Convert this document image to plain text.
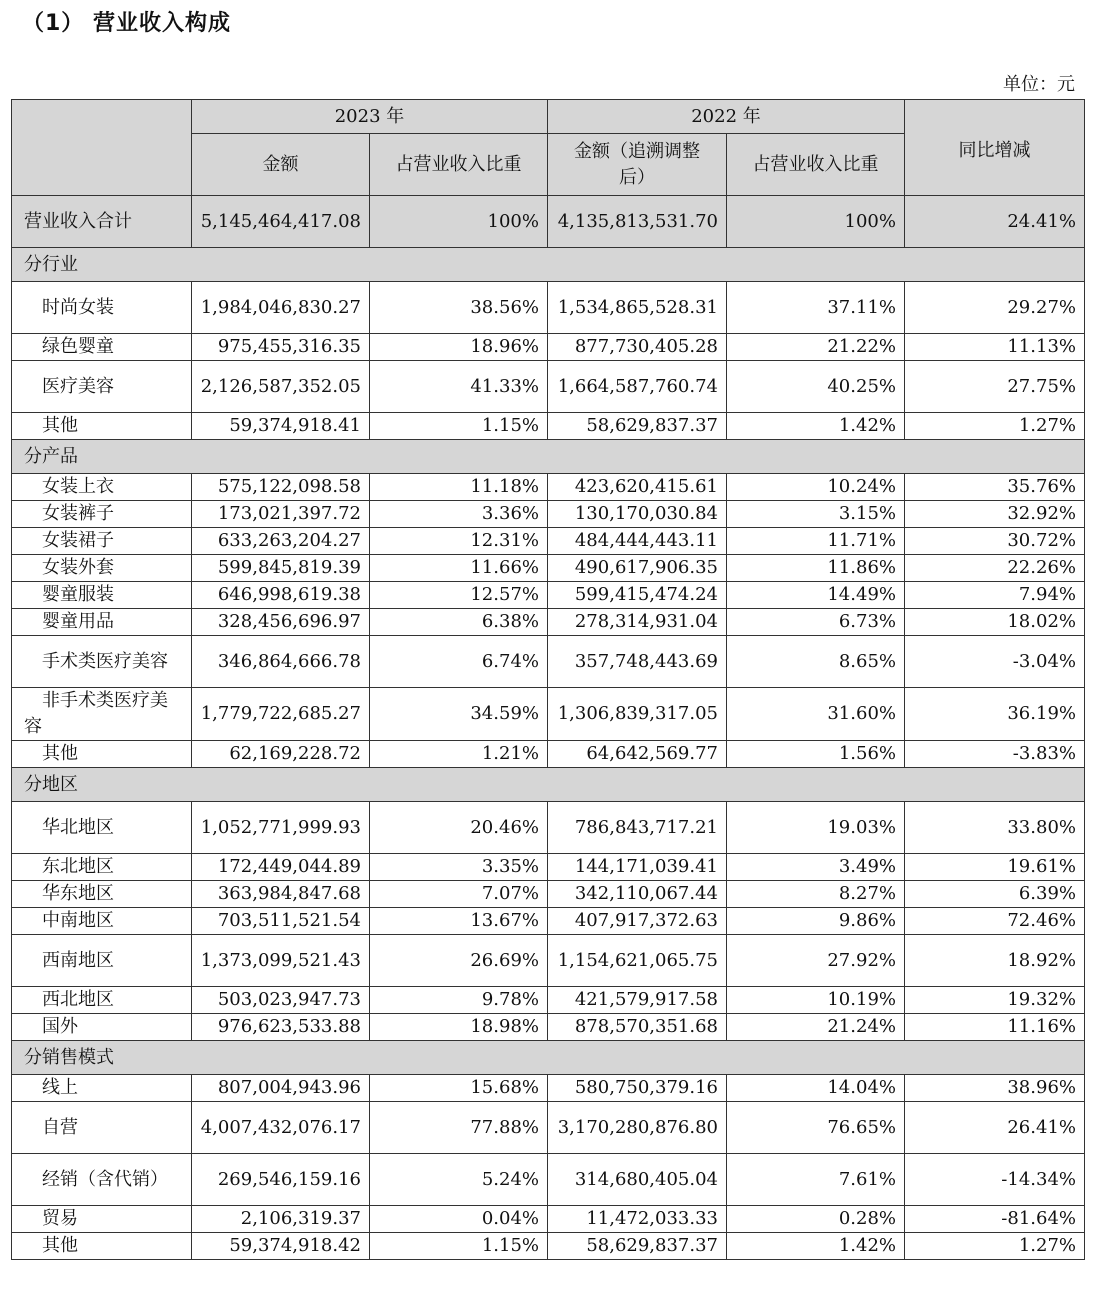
（1） 营业收入构成
单位：元
	2023 年		2022 年		同比增减
	金额	占营业收入比重	金额（追溯调整后）	占营业收入比重	
营业收入合计	5,145,464,417.08	100%	4,135,813,531.70	100%	24.41%
分行业					
时尚女装	1,984,046,830.27	38.56%	1,534,865,528.31	37.11%	29.27%
绿色婴童	975,455,316.35	18.96%	877,730,405.28	21.22%	11.13%
医疗美容	2,126,587,352.05	41.33%	1,664,587,760.74	40.25%	27.75%
其他	59,374,918.41	1.15%	58,629,837.37	1.42%	1.27%
分产品					
女装上衣	575,122,098.58	11.18%	423,620,415.61	10.24%	35.76%
女装裤子	173,021,397.72	3.36%	130,170,030.84	3.15%	32.92%
女装裙子	633,263,204.27	12.31%	484,444,443.11	11.71%	30.72%
女装外套	599,845,819.39	11.66%	490,617,906.35	11.86%	22.26%
婴童服装	646,998,619.38	12.57%	599,415,474.24	14.49%	7.94%
婴童用品	328,456,696.97	6.38%	278,314,931.04	6.73%	18.02%
手术类医疗美容	346,864,666.78	6.74%	357,748,443.69	8.65%	-3.04%
非手术类医疗美容	1,779,722,685.27	34.59%	1,306,839,317.05	31.60%	36.19%
其他	62,169,228.72	1.21%	64,642,569.77	1.56%	-3.83%
分地区					
华北地区	1,052,771,999.93	20.46%	786,843,717.21	19.03%	33.80%
东北地区	172,449,044.89	3.35%	144,171,039.41	3.49%	19.61%
华东地区	363,984,847.68	7.07%	342,110,067.44	8.27%	6.39%
中南地区	703,511,521.54	13.67%	407,917,372.63	9.86%	72.46%
西南地区	1,373,099,521.43	26.69%	1,154,621,065.75	27.92%	18.92%
西北地区	503,023,947.73	9.78%	421,579,917.58	10.19%	19.32%
国外	976,623,533.88	18.98%	878,570,351.68	21.24%	11.16%
分销售模式					
线上	807,004,943.96	15.68%	580,750,379.16	14.04%	38.96%
自营	4,007,432,076.17	77.88%	3,170,280,876.80	76.65%	26.41%
经销（含代销）	269,546,159.16	5.24%	314,680,405.04	7.61%	-14.34%
贸易	2,106,319.37	0.04%	11,472,033.33	0.28%	-81.64%
其他	59,374,918.42	1.15%	58,629,837.37	1.42%	1.27%
